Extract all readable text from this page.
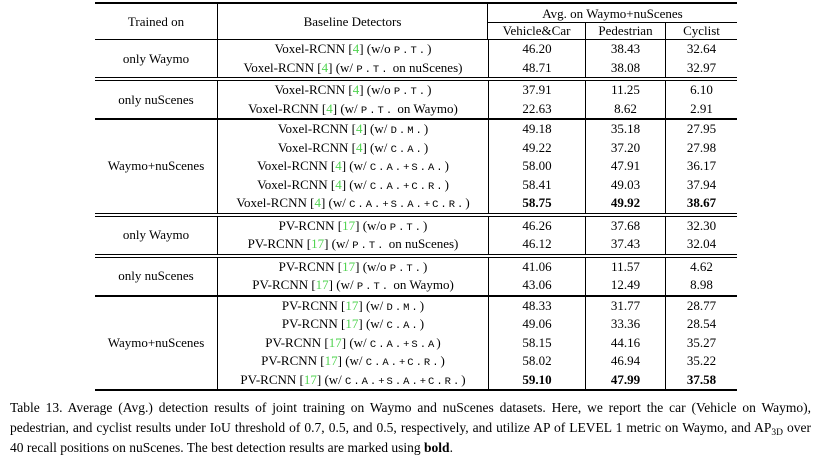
Trained on	Baseline Detectors	Avg. on Waymo+nuScenes
Vehicle&Car	Pedestrian	Cyclist
only Waymo
Voxel-RCNN [4] (w/o P.T.)	46.20	38.43	32.64
Voxel-RCNN [4] (w/ P.T. on nuScenes)	48.71	38.08	32.97
only nuScenes
Voxel-RCNN [4] (w/o P.T.)	37.91	11.25	6.10
Voxel-RCNN [4] (w/ P.T. on Waymo)	22.63	8.62	2.91
Waymo+nuScenes
Voxel-RCNN [4] (w/ D.M.)	49.18	35.18	27.95
Voxel-RCNN [4] (w/ C.A.)	49.22	37.20	27.98
Voxel-RCNN [4] (w/ C.A.+S.A.)	58.00	47.91	36.17
Voxel-RCNN [4] (w/ C.A.+C.R.)	58.41	49.03	37.94
Voxel-RCNN [4] (w/ C.A.+S.A.+C.R.)	58.75	49.92	38.67
only Waymo
PV-RCNN [17] (w/o P.T.)	46.26	37.68	32.30
PV-RCNN [17] (w/ P.T. on nuScenes)	46.12	37.43	32.04
only nuScenes
PV-RCNN [17] (w/o P.T.)	41.06	11.57	4.62
PV-RCNN [17] (w/ P.T. on Waymo)	43.06	12.49	8.98
Waymo+nuScenes
PV-RCNN [17] (w/ D.M.)	48.33	31.77	28.77
PV-RCNN [17] (w/ C.A.)	49.06	33.36	28.54
PV-RCNN [17] (w/ C.A.+S.A)	58.15	44.16	35.27
PV-RCNN [17] (w/ C.A.+C.R.)	58.02	46.94	35.22
PV-RCNN [17] (w/ C.A.+S.A.+C.R.)	59.10	47.99	37.58
Table 13. Average (Avg.) detection results of joint training on Waymo and nuScenes datasets. Here, we report the car (Vehicle on Waymo), pedestrian, and cyclist results under IoU threshold of 0.7, 0.5, and 0.5, respectively, and utilize AP of LEVEL 1 metric on Waymo, and $AP_{3D}$ over 40 recall positions on nuScenes. The best detection results are marked using bold.
